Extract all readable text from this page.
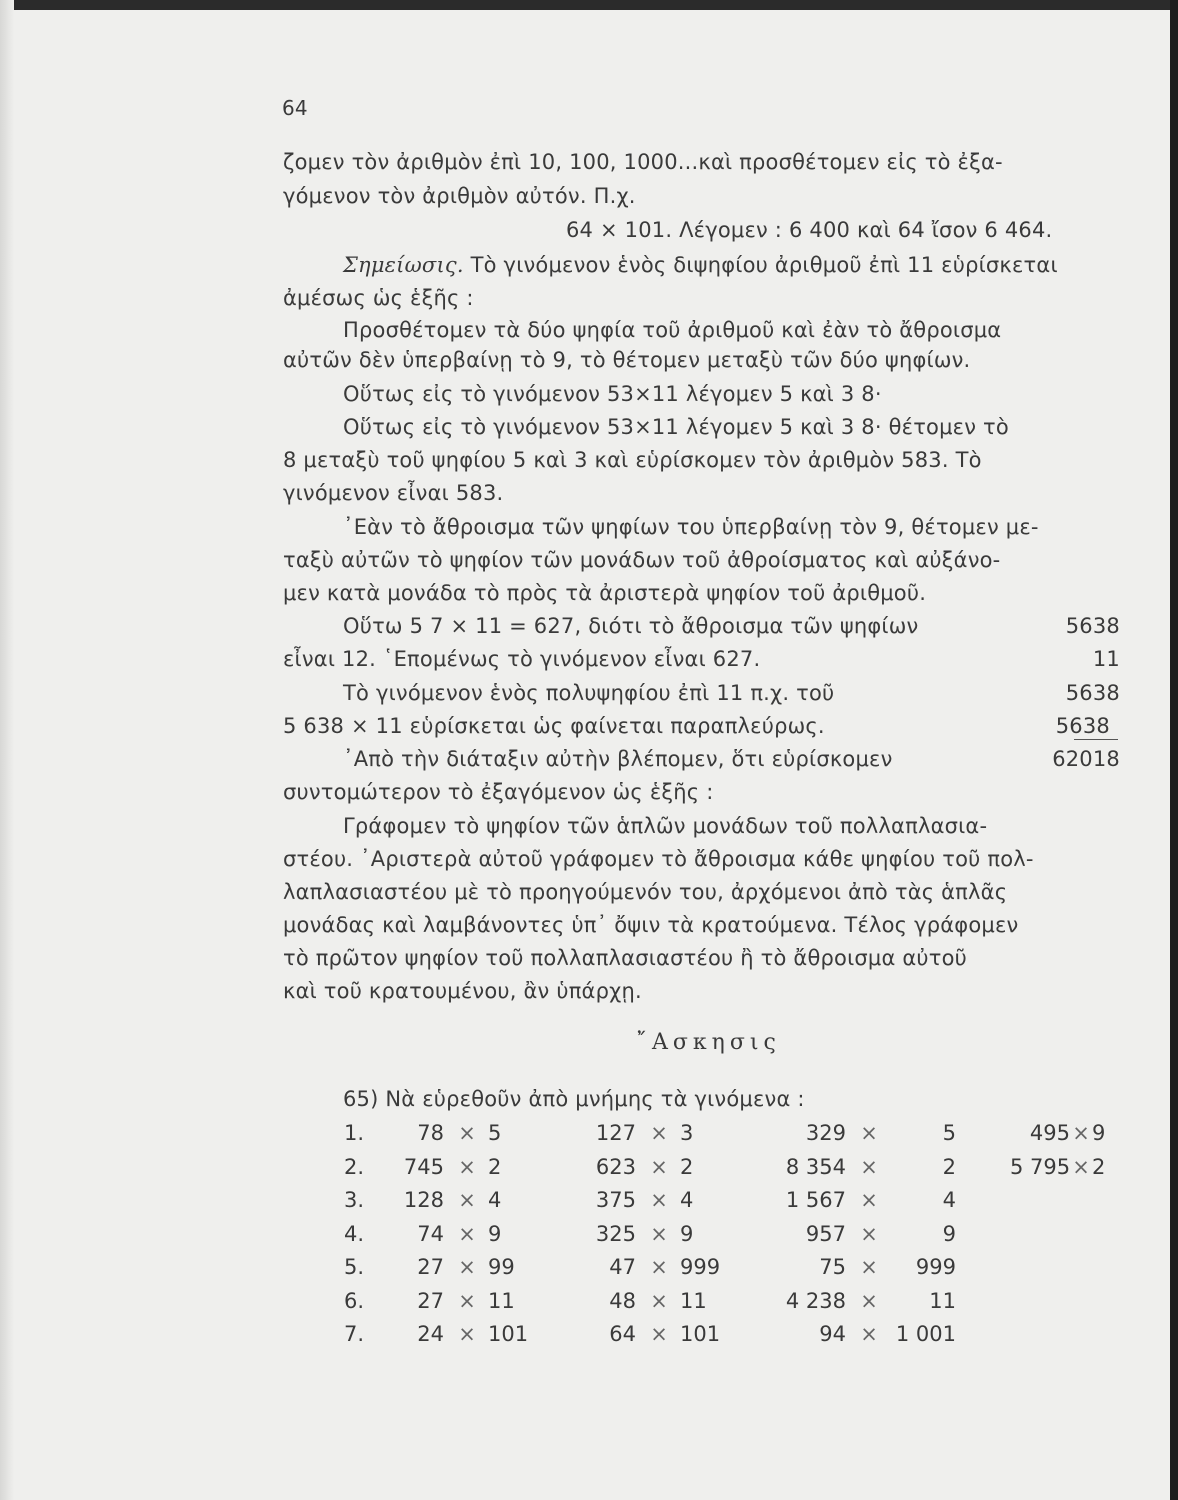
64
ζομεν τὸν ἀριθμὸν ἐπὶ 10, 100, 1000...καὶ προσθέτομεν εἰς τὸ ἐξα-
γόμενον τὸν ἀριθμὸν αὐτόν. Π.χ.
64 × 101. Λέγομεν : 6 400 καὶ 64 ἴσον 6 464.
Σημείωσις. Τὸ γινόμενον ἑνὸς διψηφίου ἀριθμοῦ ἐπὶ 11 εὑρίσκεται
ἀμέσως ὡς ἑξῆς :
Προσθέτομεν τὰ δύο ψηφία τοῦ ἀριθμοῦ καὶ ἐὰν τὸ ἄθροισμα
αὐτῶν δὲν ὑπερβαίνῃ τὸ 9, τὸ θέτομεν μεταξὺ τῶν δύο ψηφίων.
Οὕτως εἰς τὸ γινόμενον 53×11 λέγομεν 5 καὶ 3 8·
Οὕτως εἰς τὸ γινόμενον 53×11 λέγομεν 5 καὶ 3 8· θέτομεν τὸ
8 μεταξὺ τοῦ ψηφίου 5 καὶ 3 καὶ εὑρίσκομεν τὸν ἀριθμὸν 583. Τὸ
γινόμενον εἶναι 583.
᾿Εὰν τὸ ἄθροισμα τῶν ψηφίων του ὑπερβαίνῃ τὸν 9, θέτομεν με-
ταξὺ αὐτῶν τὸ ψηφίον τῶν μονάδων τοῦ ἀθροίσματος καὶ αὐξάνο-
μεν κατὰ μονάδα τὸ πρὸς τὰ ἀριστερὰ ψηφίον τοῦ ἀριθμοῦ.
Οὕτω 5 7 × 11 = 627, διότι τὸ ἄθροισμα τῶν ψηφίων
εἶναι 12. ῾Επομένως τὸ γινόμενον εἶναι 627.
Τὸ γινόμενον ἑνὸς πολυψηφίου ἐπὶ 11 π.χ. τοῦ
5 638 × 11 εὑρίσκεται ὡς φαίνεται παραπλεύρως.
᾿Απὸ τὴν διάταξιν αὐτὴν βλέπομεν, ὅτι εὑρίσκομεν
συντομώτερον τὸ ἐξαγόμενον ὡς ἑξῆς :
Γράφομεν τὸ ψηφίον τῶν ἁπλῶν μονάδων τοῦ πολλαπλασια-
στέου. ᾿Αριστερὰ αὐτοῦ γράφομεν τὸ ἄθροισμα κάθε ψηφίου τοῦ πολ-
λαπλασιαστέου μὲ τὸ προηγούμενόν του, ἀρχόμενοι ἀπὸ τὰς ἁπλᾶς
μονάδας καὶ λαμβάνοντες ὑπ᾿ ὄψιν τὰ κρατούμενα. Τέλος γράφομεν
τὸ πρῶτον ψηφίον τοῦ πολλαπλασιαστέου ἢ τὸ ἄθροισμα αὐτοῦ
καὶ τοῦ κρατουμένου, ἂν ὑπάρχῃ.
5638
11
5638
5638
62018
῎Ασκησις
65) Νὰ εὑρεθοῦν ἀπὸ μνήμης τὰ γινόμενα :
1.	78 × 5	127 × 3	329 ×	5	495 × 9
2.	745 × 2	623 × 2	8 354 ×	2	5 795 × 2
3.	128 × 4	375 × 4	1 567 ×	4
4.	74 × 9	325 × 9	957 ×	9
5.	27 × 99	47 × 999	75 ×	999
6.	27 × 11	48 × 11	4 238 ×	11
7.	24 × 101	64 × 101	94 × 1 001
